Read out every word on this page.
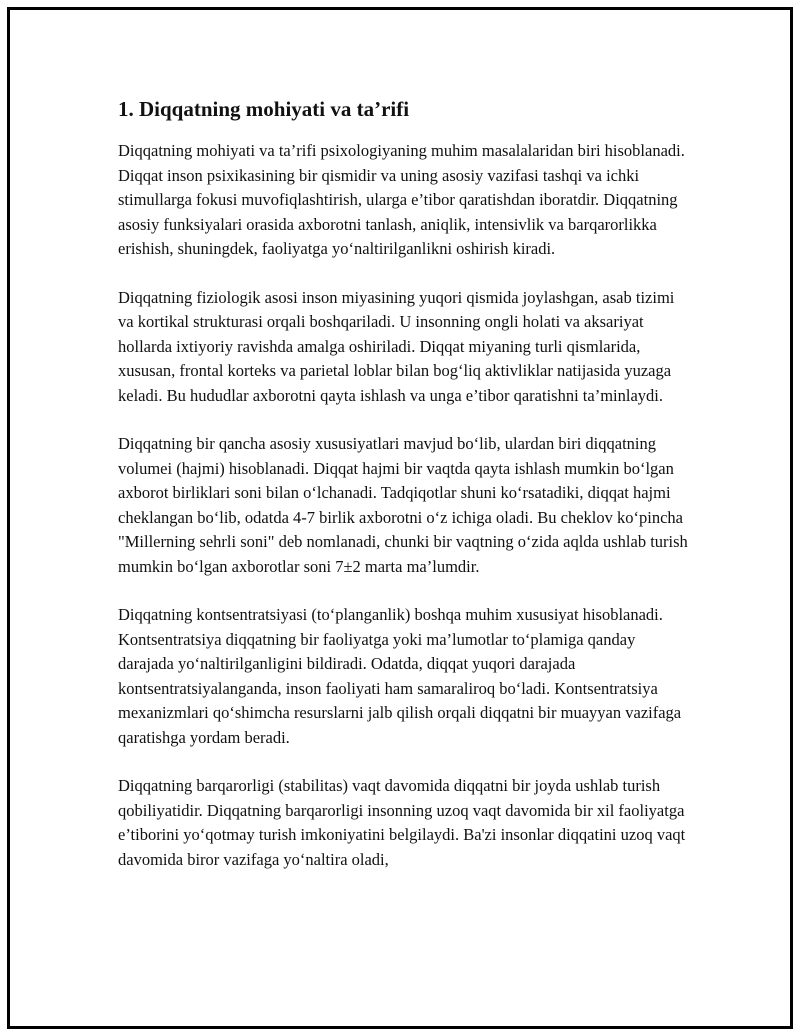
1. Diqqatning mohiyati va ta’rifi

Diqqatning mohiyati va ta’rifi psixologiyaning muhim masalalaridan biri hisoblanadi. Diqqat inson psixikasining bir qismidir va uning asosiy vazifasi tashqi va ichki stimullarga fokusi muvofiqlashtirish, ularga e’tibor qaratishdan iboratdir. Diqqatning asosiy funksiyalari orasida axborotni tanlash, aniqlik, intensivlik va barqarorlikka erishish, shuningdek, faoliyatga yo‘naltirilganlikni oshirish kiradi.

Diqqatning fiziologik asosi inson miyasining yuqori qismida joylashgan, asab tizimi va kortikal strukturasi orqali boshqariladi. U insonning ongli holati va aksariyat hollarda ixtiyoriy ravishda amalga oshiriladi. Diqqat miyaning turli qismlarida, xususan, frontal korteks va parietal loblar bilan bog‘liq aktivliklar natijasida yuzaga keladi. Bu hududlar axborotni qayta ishlash va unga e’tibor qaratishni ta’minlaydi.

Diqqatning bir qancha asosiy xususiyatlari mavjud bo‘lib, ulardan biri diqqatning volumei (hajmi) hisoblanadi. Diqqat hajmi bir vaqtda qayta ishlash mumkin bo‘lgan axborot birliklari soni bilan o‘lchanadi. Tadqiqotlar shuni ko‘rsatadiki, diqqat hajmi cheklangan bo‘lib, odatda 4-7 birlik axborotni o‘z ichiga oladi. Bu cheklov ko‘pincha "Millerning sehrli soni" deb nomlanadi, chunki bir vaqtning o‘zida aqlda ushlab turish mumkin bo‘lgan axborotlar soni 7±2 marta ma’lumdir.

Diqqatning kontsentratsiyasi (to‘planganlik) boshqa muhim xususiyat hisoblanadi. Kontsentratsiya diqqatning bir faoliyatga yoki ma’lumotlar to‘plamiga qanday darajada yo‘naltirilganligini bildiradi. Odatda, diqqat yuqori darajada kontsentratsiyalanganda, inson faoliyati ham samaraliroq bo‘ladi. Kontsentratsiya mexanizmlari qo‘shimcha resurslarni jalb qilish orqali diqqatni bir muayyan vazifaga qaratishga yordam beradi.

Diqqatning barqarorligi (stabilitas) vaqt davomida diqqatni bir joyda ushlab turish qobiliyatidir. Diqqatning barqarorligi insonning uzoq vaqt davomida bir xil faoliyatga e’tiborini yo‘qotmay turish imkoniyatini belgilaydi. Ba'zi insonlar diqqatini uzoq vaqt davomida biror vazifaga yo‘naltira oladi,
